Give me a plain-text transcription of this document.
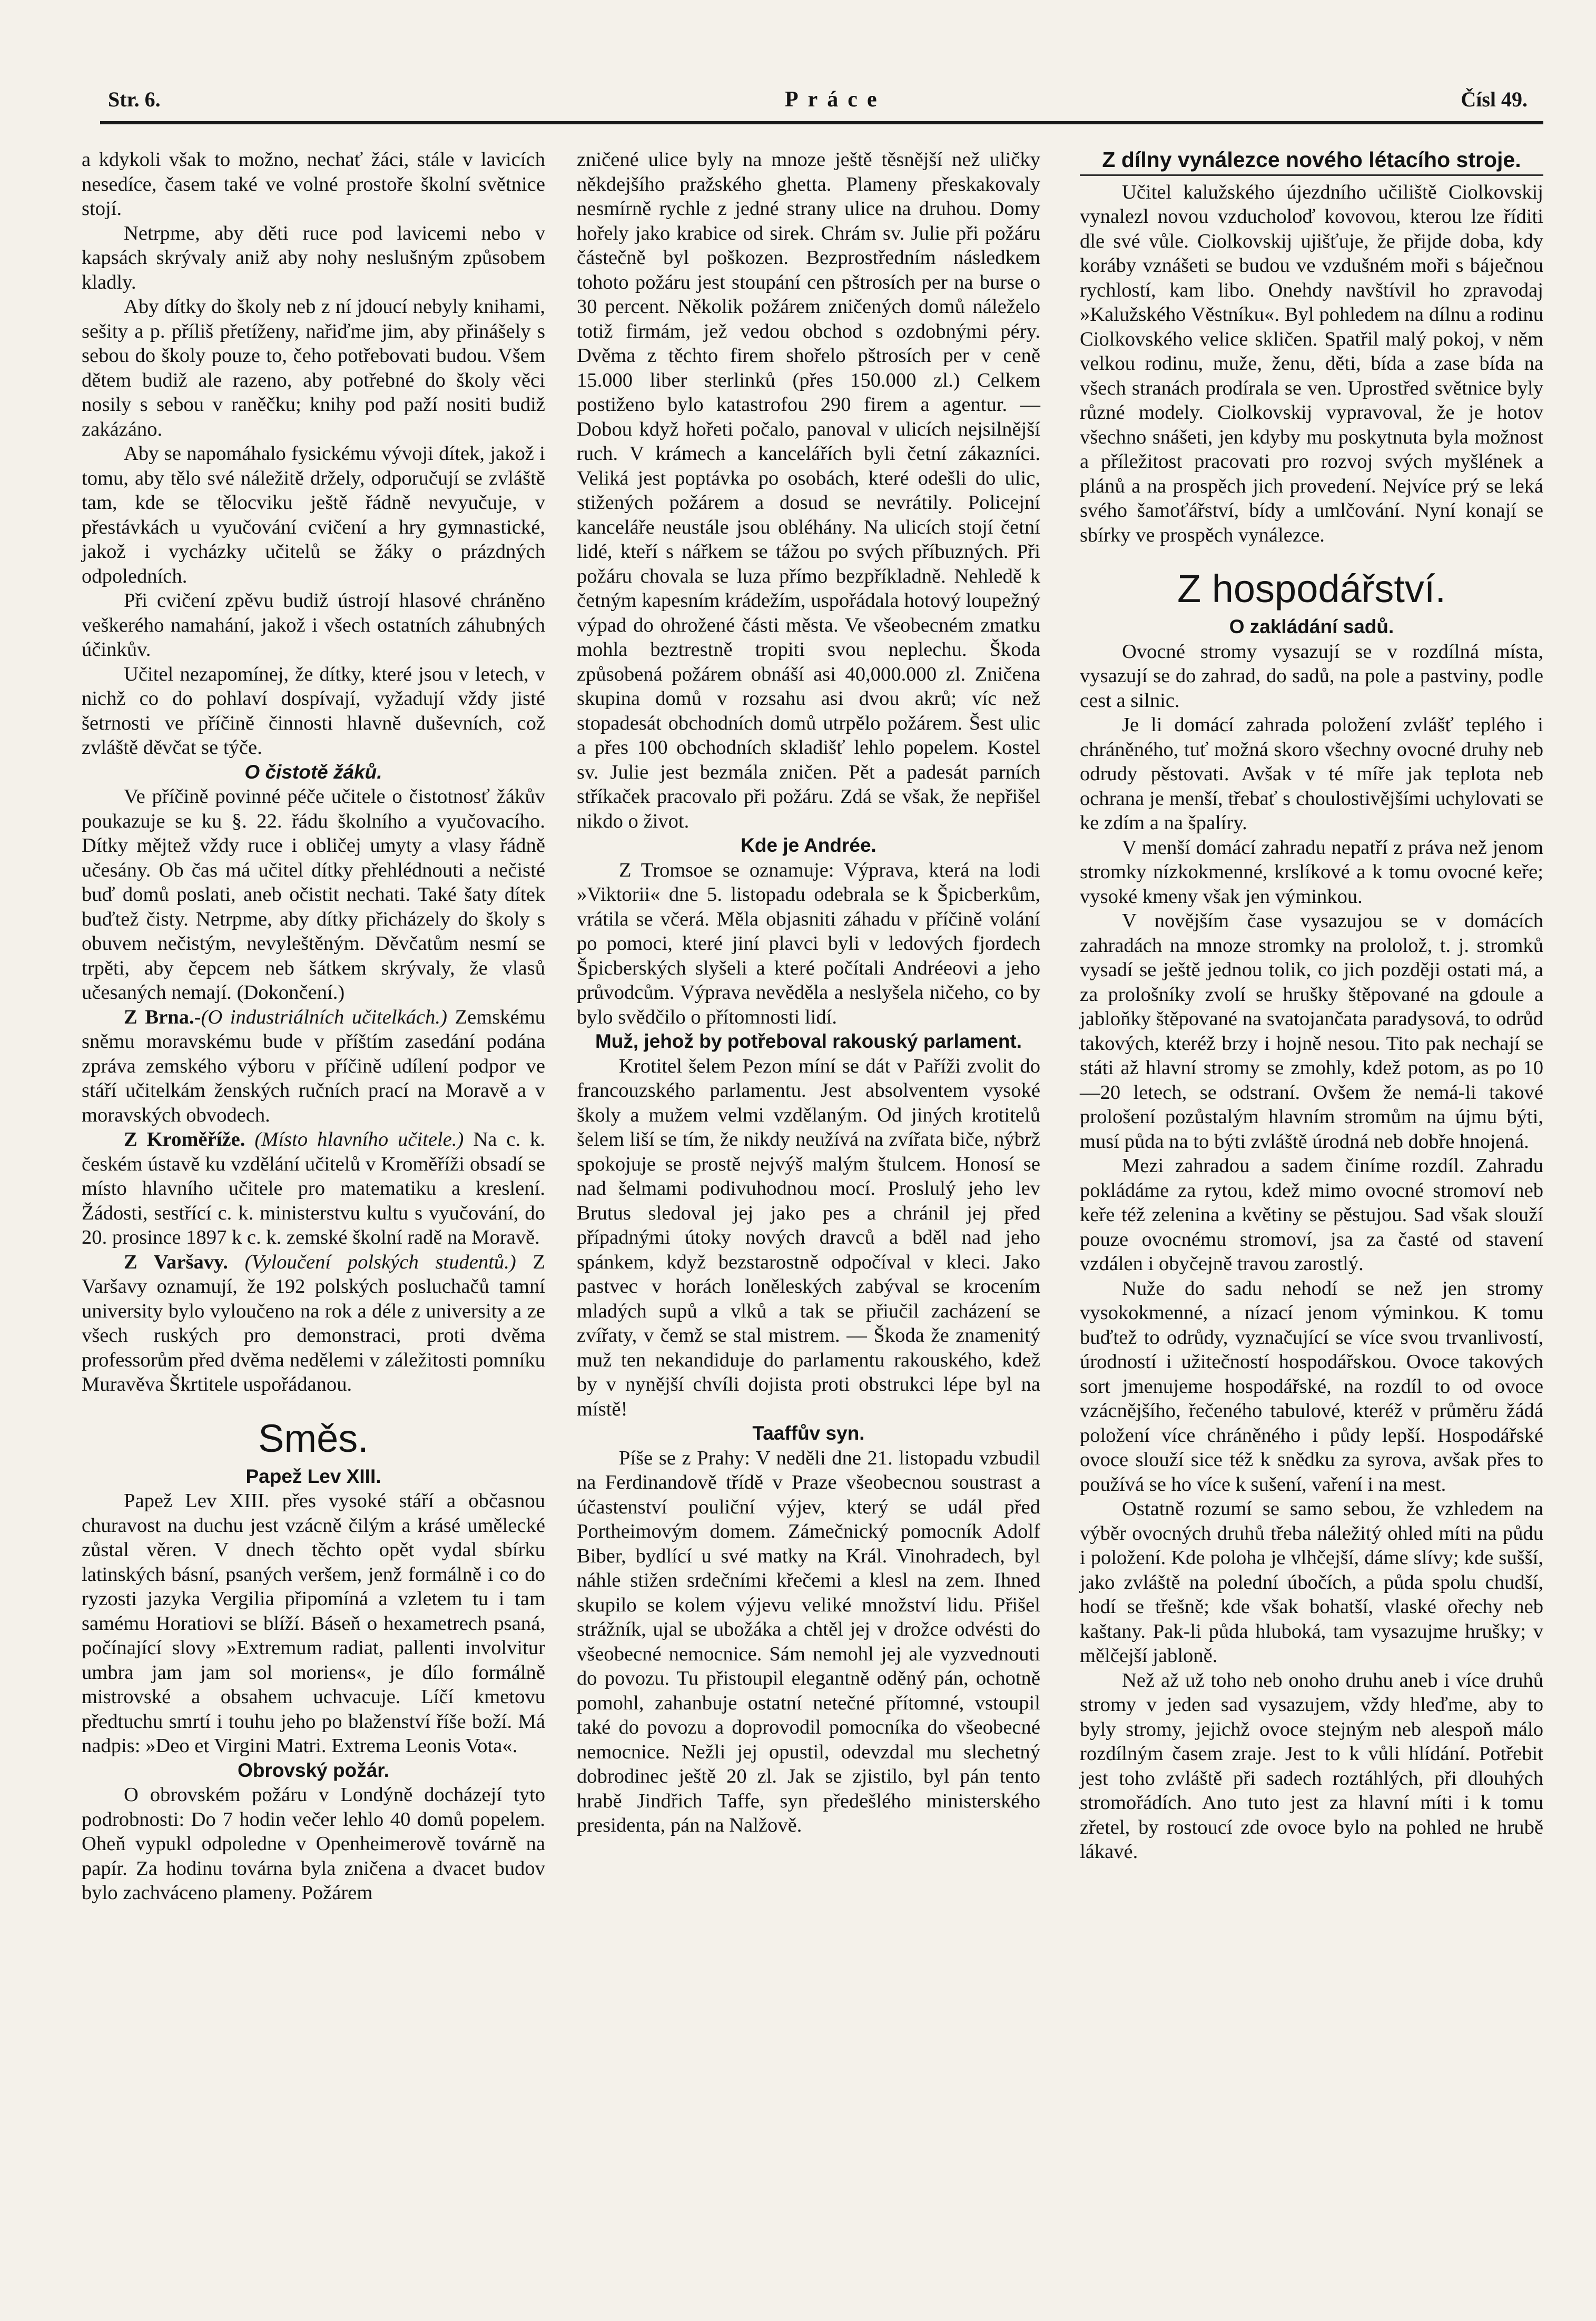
Str. 6.	Práce	Čísl 49.

a kdykoli však to možno, nechať žáci, stále v lavicích nesedíce, časem také ve volné prostoře školní světnice stojí.

Netrpme, aby děti ruce pod lavicemi nebo v kapsách skrývaly aniž aby nohy neslušným způsobem kladly.

Aby dítky do školy neb z ní jdoucí nebyly knihami, sešity a p. příliš přetíženy, nařiďme jim, aby přinášely s sebou do školy pouze to, čeho potřebovati budou. Všem dětem budiž ale razeno, aby potřebné do školy věci nosily s sebou v raněčku; knihy pod paží nositi budiž zakázáno.

Aby se napomáhalo fysickému vývoji dítek, jakož i tomu, aby tělo své náležitě držely, odporučují se zvláště tam, kde se tělocviku ještě řádně nevyučuje, v přestávkách u vyučování cvičení a hry gymnastické, jakož i vycházky učitelů se žáky o prázdných odpoledních.

Při cvičení zpěvu budiž ústrojí hlasové chráněno veškerého namahání, jakož i všech ostatních záhubných účinkův.

Učitel nezapomínej, že dítky, které jsou v letech, v nichž co do pohlaví dospívají, vyžadují vždy jisté šetrnosti ve příčině činnosti hlavně duševních, což zvláště děvčat se týče.

O čistotě žáků.

Ve příčině povinné péče učitele o čistotnosť žákův poukazuje se ku §. 22. řádu školního a vyučovacího. Dítky mějtež vždy ruce i obličej umyty a vlasy řádně učesány. Ob čas má učitel dítky přehlédnouti a nečisté buď domů poslati, aneb očistit nechati. Také šaty dítek buďtež čisty. Netrpme, aby dítky přicházely do školy s obuvem nečistým, nevyleštěným. Děvčatům nesmí se trpěti, aby čepcem neb šátkem skrývaly, že vlasů učesaných nemají. (Dokončení.)

Z Brna.-(O industriálních učitelkách.) Zemskému sněmu moravskému bude v příštím zasedání podána zpráva zemského výboru v příčině udílení podpor ve stáří učitelkám ženských ručních prací na Moravě a v moravských obvodech.

Z Kroměříže. (Místo hlavního učitele.) Na c. k. českém ústavě ku vzdělání učitelů v Kroměříži obsadí se místo hlavního učitele pro matematiku a kreslení. Žádosti, sestřící c. k. ministerstvu kultu s vyučování, do 20. prosince 1897 k c. k. zemské školní radě na Moravě.

Z Varšavy. (Vyloučení polských studentů.) Z Varšavy oznamují, že 192 polských posluchačů tamní university bylo vyloučeno na rok a déle z university a ze všech ruských pro demonstraci, proti dvěma professorům před dvěma nedělemi v záležitosti pomníku Muravěva Škrtitele uspořádanou.

Směs.
Papež Lev XIII.

Papež Lev XIII. přes vysoké stáří a občasnou churavost na duchu jest vzácně čilým a krásé umělecké zůstal věren. V dnech těchto opět vydal sbírku latinských básní, psaných veršem, jenž formálně i co do ryzosti jazyka Vergilia připomíná a vzletem tu i tam samému Horatiovi se blíží. Báseň o hexametrech psaná, počínající slovy »Extremum radiat, pallenti involvitur umbra jam jam sol moriens«, je dílo formálně mistrovské a obsahem uchvacuje. Líčí kmetovu předtuchu smrtí i touhu jeho po blaženství říše boží. Má nadpis: »Deo et Virgini Matri. Extrema Leonis Vota«.

Obrovský požár.

O obrovském požáru v Londýně docházejí tyto podrobnosti: Do 7 hodin večer lehlo 40 domů popelem. Oheň vypukl odpoledne v Openheimerově továrně na papír. Za hodinu továrna byla zničena a dvacet budov bylo zachváceno plameny. Požárem

zničené ulice byly na mnoze ještě těsnější než uličky někdejšího pražského ghetta. Plameny přeskakovaly nesmírně rychle z jedné strany ulice na druhou. Domy hořely jako krabice od sirek. Chrám sv. Julie při požáru částečně byl poškozen. Bezprostředním následkem tohoto požáru jest stoupání cen pštrosích per na burse o 30 percent. Několik požárem zničených domů náleželo totiž firmám, jež vedou obchod s ozdobnými péry. Dvěma z těchto firem shořelo pštrosích per v ceně 15.000 liber sterlinků (přes 150.000 zl.) Celkem postiženo bylo katastrofou 290 firem a agentur. — Dobou když hořeti počalo, panoval v ulicích nejsilnější ruch. V krámech a kancelářích byli četní zákazníci. Veliká jest poptávka po osobách, které odešli do ulic, stižených požárem a dosud se nevrátily. Policejní kanceláře neustále jsou obléhány. Na ulicích stojí četní lidé, kteří s nářkem se tážou po svých příbuzných. Při požáru chovala se luza přímo bezpříkladně. Nehledě k četným kapesním krádežím, uspořádala hotový loupežný výpad do ohrožené části města. Ve všeobecném zmatku mohla beztrestně tropiti svou neplechu. Škoda způsobená požárem obnáší asi 40,000.000 zl. Zničena skupina domů v rozsahu asi dvou akrů; víc než stopadesát obchodních domů utrpělo požárem. Šest ulic a přes 100 obchodních skladišť lehlo popelem. Kostel sv. Julie jest bezmála zničen. Pět a padesát parních stříkaček pracovalo při požáru. Zdá se však, že nepřišel nikdo o život.

Kde je Andrée.

Z Tromsoe se oznamuje: Výprava, která na lodi »Viktorii« dne 5. listopadu odebrala se k Špicberkům, vrátila se včerá. Měla objasniti záhadu v příčině volání po pomoci, které jiní plavci byli v ledových fjordech Špicberských slyšeli a které počítali Andréeovi a jeho průvodcům. Výprava nevěděla a neslyšela ničeho, co by bylo svědčilo o přítomnosti lidí.

Muž, jehož by potřeboval rakouský parlament.

Krotitel šelem Pezon míní se dát v Paříži zvolit do francouzského parlamentu. Jest absolventem vysoké školy a mužem velmi vzdělaným. Od jiných krotitelů šelem liší se tím, že nikdy neužívá na zvířata biče, nýbrž spokojuje se prostě nejvýš malým štulcem. Honosí se nad šelmami podivuhodnou mocí. Proslulý jeho lev Brutus sledoval jej jako pes a chránil jej před případnými útoky nových dravců a bděl nad jeho spánkem, když bezstarostně odpočíval v kleci. Jako pastvec v horách loněleských zabýval se krocením mladých supů a vlků a tak se přiučil zacházení se zvířaty, v čemž se stal mistrem. — Škoda že znamenitý muž ten nekandiduje do parlamentu rakouského, kdež by v nynější chvíli dojista proti obstrukci lépe byl na místě!

Taaffův syn.

Píše se z Prahy: V neděli dne 21. listopadu vzbudil na Ferdinandově třídě v Praze všeobecnou soustrast a účastenství pouliční výjev, který se udál před Portheimovým domem. Zámečnický pomocník Adolf Biber, bydlící u své matky na Král. Vinohradech, byl náhle stižen srdečními křečemi a klesl na zem. Ihned skupilo se kolem výjevu veliké množství lidu. Přišel strážník, ujal se ubožáka a chtěl jej v drožce odvésti do všeobecné nemocnice. Sám nemohl jej ale vyzvednouti do povozu. Tu přistoupil elegantně oděný pán, ochotně pomohl, zahanbuje ostatní netečné přítomné, vstoupil také do povozu a doprovodil pomocníka do všeobecné nemocnice. Nežli jej opustil, odevzdal mu slechetný dobrodinec ještě 20 zl. Jak se zjistilo, byl pán tento hrabě Jindřich Taffe, syn předešlého ministerského presidenta, pán na Nalžově.

Z dílny vynálezce nového létacího stroje.

Učitel kalužského újezdního učiliště Ciolkovskij vynalezl novou vzducholoď kovovou, kterou lze říditi dle své vůle. Ciolkovskij ujišťuje, že přijde doba, kdy koráby vznášeti se budou ve vzdušném moři s báječnou rychlostí, kam libo. Onehdy navštívil ho zpravodaj »Kalužského Věstníku«. Byl pohledem na dílnu a rodinu Ciolkovského velice skličen. Spatřil malý pokoj, v něm velkou rodinu, muže, ženu, děti, bída a zase bída na všech stranách prodírala se ven. Uprostřed světnice byly různé modely. Ciolkovskij vypravoval, že je hotov všechno snášeti, jen kdyby mu poskytnuta byla možnost a příležitost pracovati pro rozvoj svých myšlének a plánů a na prospěch jich provedení. Nejvíce prý se leká svého šamoťářství, bídy a umlčování. Nyní konají se sbírky ve prospěch vynálezce.

Z hospodářství.
O zakládání sadů.

Ovocné stromy vysazují se v rozdílná místa, vysazují se do zahrad, do sadů, na pole a pastviny, podle cest a silnic.

Je li domácí zahrada položení zvlášť teplého i chráněného, tuť možná skoro všechny ovocné druhy neb odrudy pěstovati. Avšak v té míře jak teplota neb ochrana je menší, třebať s choulostivějšími uchylovati se ke zdím a na špalíry.

V menší domácí zahradu nepatří z práva než jenom stromky nízkokmenné, krslíkové a k tomu ovocné keře; vysoké kmeny však jen výminkou.

V novějším čase vysazujou se v domácích zahradách na mnoze stromky na prololož, t. j. stromků vysadí se ještě jednou tolik, co jich později ostati má, a za prološníky zvolí se hrušky štěpované na gdoule a jabloňky štěpované na svatojančata paradysová, to odrůd takových, kteréž brzy i hojně nesou. Tito pak nechají se státi až hlavní stromy se zmohly, kdež potom, as po 10—20 letech, se odstraní. Ovšem že nemá-li takové prološení pozůstalým hlavním stromům na újmu býti, musí půda na to býti zvláště úrodná neb dobře hnojená.

Mezi zahradou a sadem činíme rozdíl. Zahradu pokládáme za rytou, kdež mimo ovocné stromoví neb keře též zelenina a květiny se pěstujou. Sad však slouží pouze ovocnému stromoví, jsa za časté od stavení vzdálen i obyčejně travou zarostlý.

Nuže do sadu nehodí se než jen stromy vysokokmenné, a nízací jenom výminkou. K tomu buďtež to odrůdy, vyznačující se více svou trvanlivostí, úrodností i užitečností hospodářskou. Ovoce takových sort jmenujeme hospodářské, na rozdíl to od ovoce vzácnějšího, řečeného tabulové, kteréž v průměru žádá položení více chráněného i půdy lepší. Hospodářské ovoce slouží sice též k snědku za syrova, avšak přes to používá se ho více k sušení, vaření i na mest.

Ostatně rozumí se samo sebou, že vzhledem na výběr ovocných druhů třeba náležitý ohled míti na půdu i položení. Kde poloha je vlhčejší, dáme slívy; kde sušší, jako zvláště na polední úbočích, a půda spolu chudší, hodí se třešně; kde však bohatší, vlaské ořechy neb kaštany. Pak-li půda hluboká, tam vysazujme hrušky; v mělčejší jabloně.

Než až už toho neb onoho druhu aneb i více druhů stromy v jeden sad vysazujem, vždy hleďme, aby to byly stromy, jejichž ovoce stejným neb alespoň málo rozdílným časem zraje. Jest to k vůli hlídání. Potřebit jest toho zvláště při sadech roztáhlých, při dlouhých stromořádích. Ano tuto jest za hlavní míti i k tomu zřetel, by rostoucí zde ovoce bylo na pohled ne hrubě lákavé.
